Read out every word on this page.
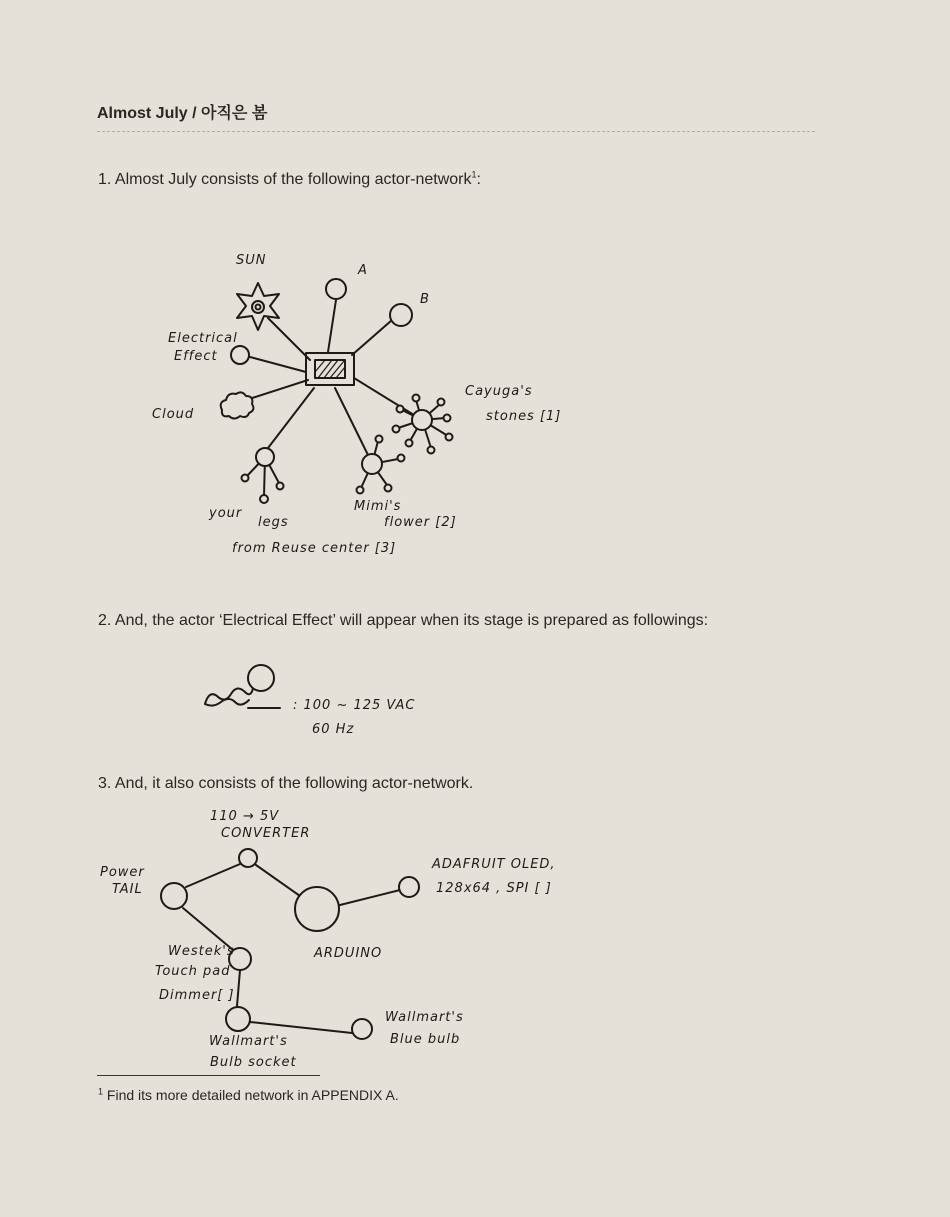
Almost July / 아직은 봄
1. Almost July consists of the following actor-network$^1$:
SUN
A
B
Electrical
Effect
Cloud
Cayuga's
stones [1]
your
legs
Mimi's
flower [2]
from Reuse center [3]
2. And, the actor ‘Electrical Effect’ will appear when its stage is prepared as followings:
: 100 ~ 125 VAC
60 Hz
3. And, it also consists of the following actor-network.
110 → 5V
CONVERTER
Power
TAIL
ARDUINO
ADAFRUIT OLED,
128x64 , SPI [ ]
Westek's
Touch pad
Dimmer[ ]
Wallmart's
Bulb socket
Wallmart's
Blue bulb
$^1$ Find its more detailed network in APPENDIX A.
